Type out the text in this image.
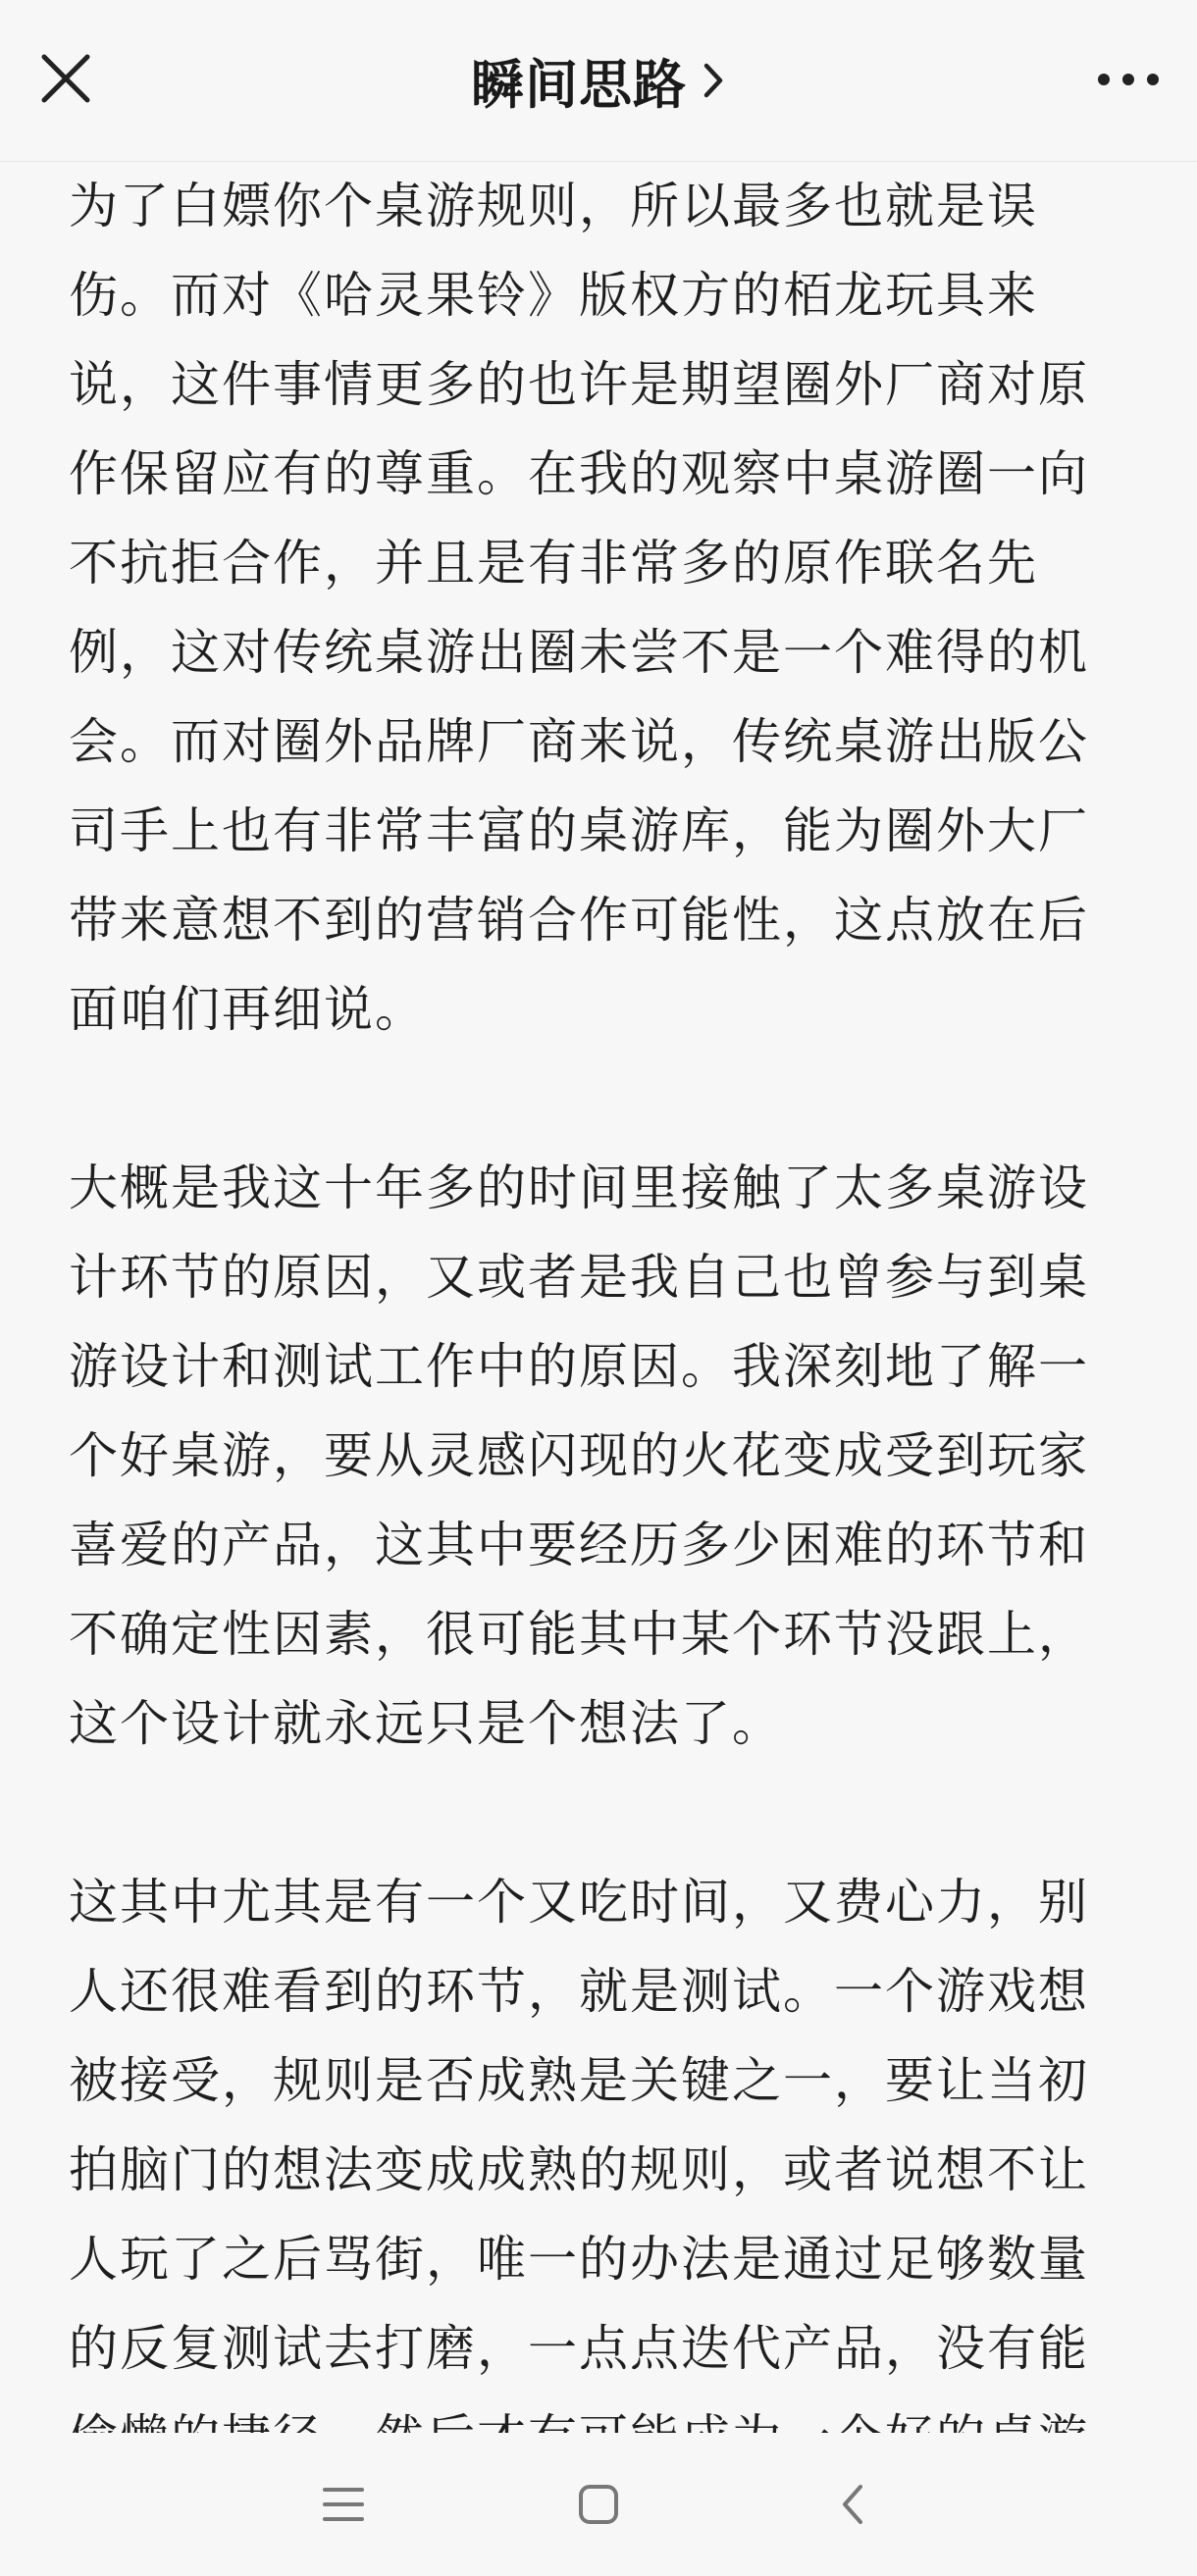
瞬间思路

为了白嫖你个桌游规则，所以最多也就是误伤。而对《哈灵果铃》版权方的栢龙玩具来说，这件事情更多的也许是期望圈外厂商对原作保留应有的尊重。在我的观察中桌游圈一向不抗拒合作，并且是有非常多的原作联名先例，这对传统桌游出圈未尝不是一个难得的机会。而对圈外品牌厂商来说，传统桌游出版公司手上也有非常丰富的桌游库，能为圈外大厂带来意想不到的营销合作可能性，这点放在后面咱们再细说。

大概是我这十年多的时间里接触了太多桌游设计环节的原因，又或者是我自己也曾参与到桌游设计和测试工作中的原因。我深刻地了解一个好桌游，要从灵感闪现的火花变成受到玩家喜爱的产品，这其中要经历多少困难的环节和不确定性因素，很可能其中某个环节没跟上，这个设计就永远只是个想法了。

这其中尤其是有一个又吃时间，又费心力，别人还很难看到的环节，就是测试。一个游戏想被接受，规则是否成熟是关键之一，要让当初拍脑门的想法变成成熟的规则，或者说想不让人玩了之后骂街，唯一的办法是通过足够数量的反复测试去打磨，一点点迭代产品，没有能
